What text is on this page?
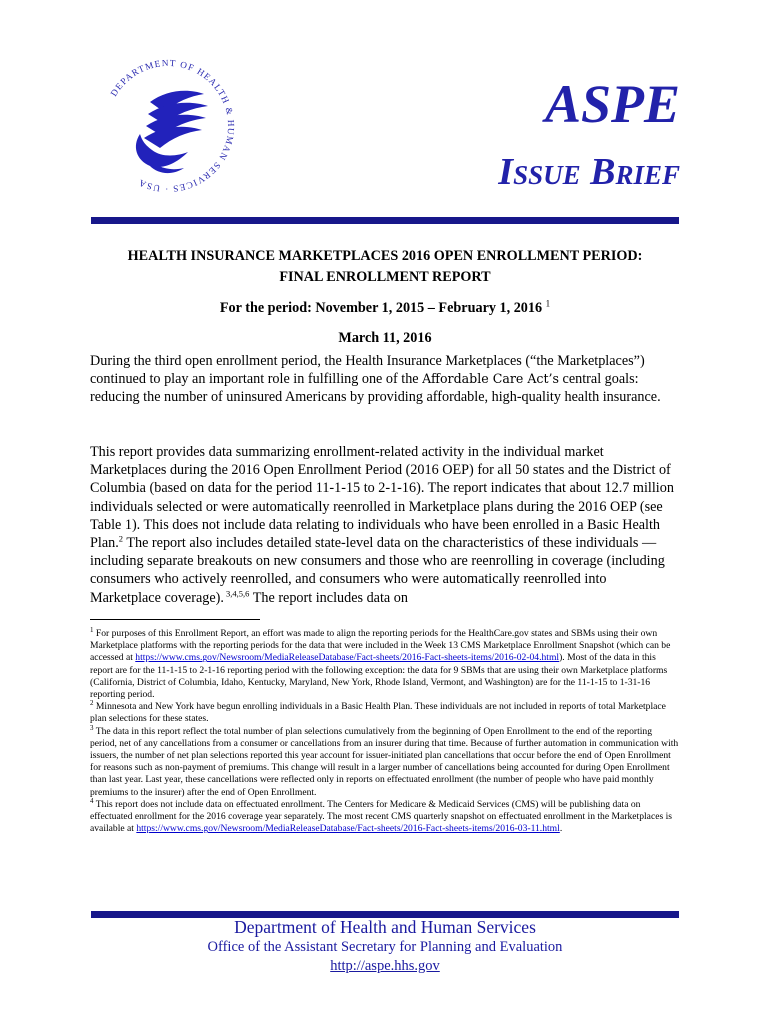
DEPARTMENT OF HEALTH & HUMAN SERVICES · USA
ASPE
Issue Brief

HEALTH INSURANCE MARKETPLACES 2016 OPEN ENROLLMENT PERIOD:

FINAL ENROLLMENT REPORT

For the period: November 1, 2015 – February 1, 2016 $^1$
March 11, 2016

During the third open enrollment period, the Health Insurance Marketplaces (“the Marketplaces”) continued to play an important role in fulfilling one of the Affordable Care Act’s central goals: reducing the number of uninsured Americans by providing affordable, high-quality health insurance.

This report provides data summarizing enrollment-related activity in the individual market Marketplaces during the 2016 Open Enrollment Period (2016 OEP) for all 50 states and the District of Columbia (based on data for the period 11-1-15 to 2-1-16). The report indicates that about 12.7 million individuals selected or were automatically reenrolled in Marketplace plans during the 2016 OEP (see Table 1). This does not include data relating to individuals who have been enrolled in a Basic Health Plan.$^2$ The report also includes detailed state-level data on the characteristics of these individuals — including separate breakouts on new consumers and those who are reenrolling in coverage (including consumers who actively reenrolled, and consumers who were automatically reenrolled into Marketplace coverage). $^{3,4,5,6}$ The report includes data on

$^1$ For purposes of this Enrollment Report, an effort was made to align the reporting periods for the HealthCare.gov states and SBMs using their own Marketplace platforms with the reporting periods for the data that were included in the Week 13 CMS Marketplace Enrollment Snapshot (which can be accessed at https://www.cms.gov/Newsroom/MediaReleaseDatabase/Fact-sheets/2016-Fact-sheets-items/2016-02-04.html). Most of the data in this report are for the 11-1-15 to 2-1-16 reporting period with the following exception: the data for 9 SBMs that are using their own Marketplace platforms (California, District of Columbia, Idaho, Kentucky, Maryland, New York, Rhode Island, Vermont, and Washington) are for the 11-1-15 to 1-31-16 reporting period.

$^2$ Minnesota and New York have begun enrolling individuals in a Basic Health Plan. These individuals are not included in reports of total Marketplace plan selections for these states.

$^3$ The data in this report reflect the total number of plan selections cumulatively from the beginning of Open Enrollment to the end of the reporting period, net of any cancellations from a consumer or cancellations from an insurer during that time. Because of further automation in communication with issuers, the number of net plan selections reported this year account for issuer-initiated plan cancellations that occur before the end of Open Enrollment for reasons such as non-payment of premiums. This change will result in a larger number of cancellations being accounted for during Open Enrollment than last year. Last year, these cancellations were reflected only in reports on effectuated enrollment (the number of people who have paid monthly premiums to the insurer) after the end of Open Enrollment.

$^4$ This report does not include data on effectuated enrollment. The Centers for Medicare & Medicaid Services (CMS) will be publishing data on effectuated enrollment for the 2016 coverage year separately. The most recent CMS quarterly snapshot on effectuated enrollment in the Marketplaces is available at https://www.cms.gov/Newsroom/MediaReleaseDatabase/Fact-sheets/2016-Fact-sheets-items/2016-03-11.html.

Department of Health and Human Services
Office of the Assistant Secretary for Planning and Evaluation
http://aspe.hhs.gov
